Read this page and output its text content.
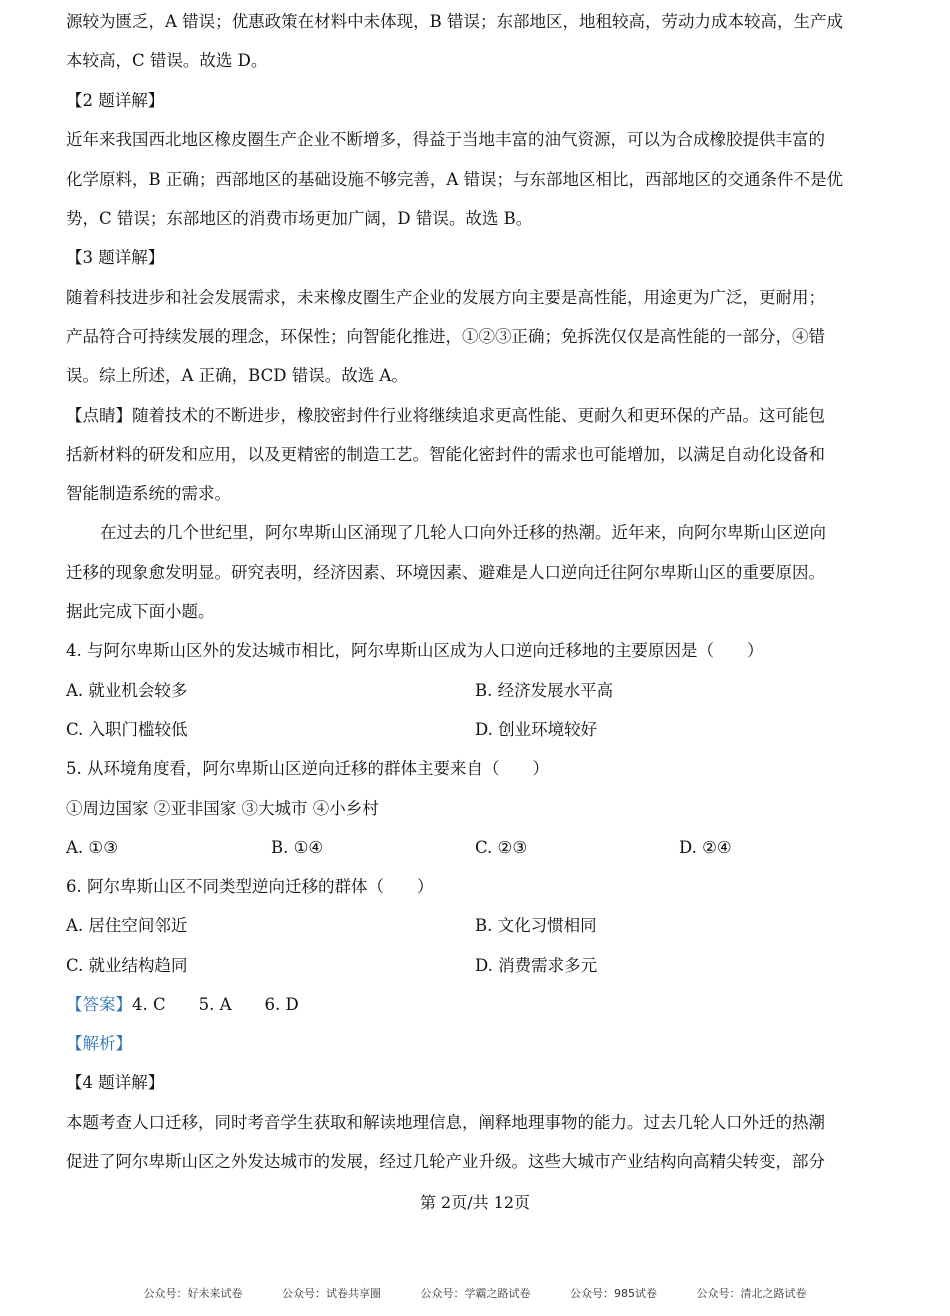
源较为匮乏，A 错误；优惠政策在材料中未体现，B 错误；东部地区，地租较高，劳动力成本较高，生产成
本较高，C 错误。故选 D。
【2 题详解】
近年来我国西北地区橡皮圈生产企业不断增多，得益于当地丰富的油气资源，可以为合成橡胶提供丰富的
化学原料，B 正确；西部地区的基础设施不够完善，A 错误；与东部地区相比，西部地区的交通条件不是优
势，C 错误；东部地区的消费市场更加广阔，D 错误。故选 B。
【3 题详解】
随着科技进步和社会发展需求，未来橡皮圈生产企业的发展方向主要是高性能，用途更为广泛，更耐用；
产品符合可持续发展的理念，环保性；向智能化推进，①②③正确；免拆洗仅仅是高性能的一部分，④错
误。综上所述，A 正确，BCD 错误。故选 A。
【点睛】随着技术的不断进步，橡胶密封件行业将继续追求更高性能、更耐久和更环保的产品。这可能包
括新材料的研发和应用，以及更精密的制造工艺。智能化密封件的需求也可能增加，以满足自动化设备和
智能制造系统的需求。
在过去的几个世纪里，阿尔卑斯山区涌现了几轮人口向外迁移的热潮。近年来，向阿尔卑斯山区逆向
迁移的现象愈发明显。研究表明，经济因素、环境因素、避难是人口逆向迁往阿尔卑斯山区的重要原因。
据此完成下面小题。
4. 与阿尔卑斯山区外的发达城市相比，阿尔卑斯山区成为人口逆向迁移地的主要原因是（　　）
A. 就业机会较多	B. 经济发展水平高
C. 入职门槛较低	D. 创业环境较好
5. 从环境角度看，阿尔卑斯山区逆向迁移的群体主要来自（　　）
①周边国家 ②亚非国家 ③大城市 ④小乡村
A. ①③	B. ①④	C. ②③	D. ②④
6. 阿尔卑斯山区不同类型逆向迁移的群体（　　）
A. 居住空间邻近	B. 文化习惯相同
C. 就业结构趋同	D. 消费需求多元
【答案】4. C　　5. A　　6. D
【解析】
【4 题详解】
本题考查人口迁移，同时考音学生获取和解读地理信息，阐释地理事物的能力。过去几轮人口外迁的热潮
促进了阿尔卑斯山区之外发达城市的发展，经过几轮产业升级。这些大城市产业结构向高精尖转变，部分
第 2页/共 12页
公众号：好未来试卷	公众号：试卷共享圈	公众号：学霸之路试卷	公众号：985试卷	公众号：清北之路试卷
